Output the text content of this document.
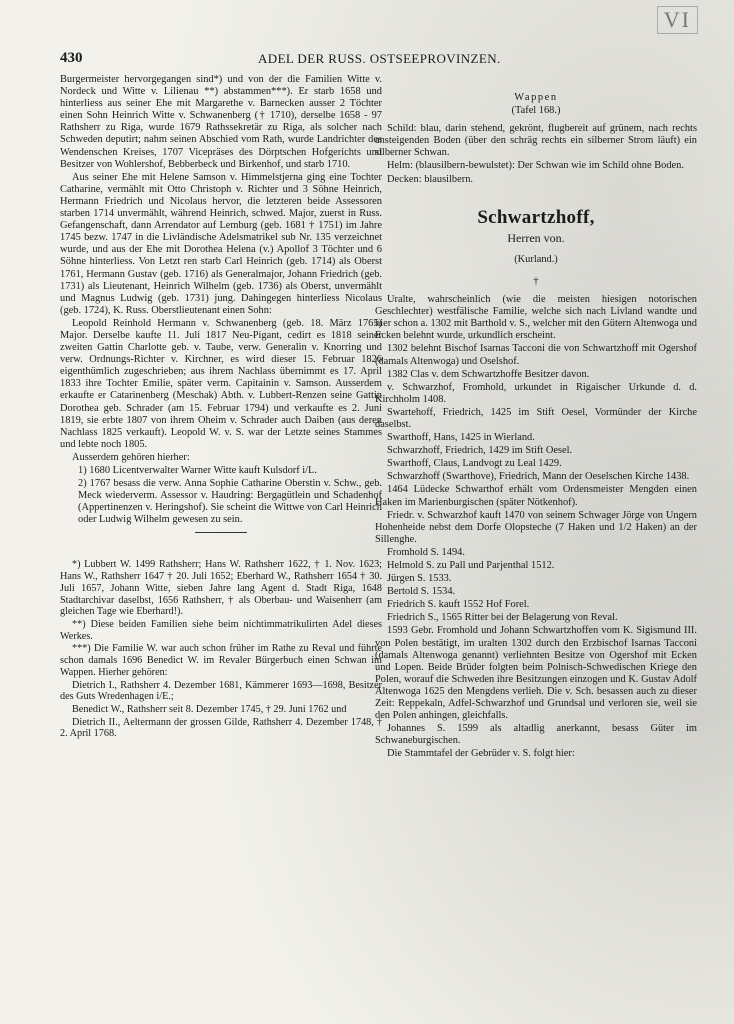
VI
430	ADEL DER RUSS. OSTSEEPROVINZEN.

Burgermeister hervorgegangen sind*) und von der die Familien Witte v. Nordeck und Witte v. Lilienau **) abstammen***). Er starb 1658 und hinterliess aus seiner Ehe mit Margarethe v. Barnecken ausser 2 Töchter einen Sohn Heinrich Witte v. Schwanenberg († 1710), derselbe 1658 - 97 Rathsherr zu Riga, wurde 1679 Rathssekretär zu Riga, als solcher nach Schweden deputirt; nahm seinen Abschied vom Rath, wurde Landrichter des Wendenschen Kreises, 1707 Vicepräses des Dörptschen Hofgerichts und Besitzer von Wohlershof, Bebberbeck und Birkenhof, und starb 1710.

Aus seiner Ehe mit Helene Samson v. Himmelstjerna ging eine Tochter Catharine, vermählt mit Otto Christoph v. Richter und 3 Söhne Heinrich, Hermann Friedrich und Nicolaus hervor, die letzteren beide Assessoren starben 1714 unvermählt, während Heinrich, schwed. Major, zuerst in Russ. Gefangenschaft, dann Arrendator auf Lemburg (geb. 1681 † 1751) im Jahre 1745 bezw. 1747 in die Livländische Adelsmatrikel sub Nr. 135 verzeichnet wurde, und aus der Ehe mit Dorothea Helena (v.) Apollof 3 Töchter und 6 Söhne hinterliess. Von Letzt ren starb Carl Heinrich (geb. 1714) als Oberst 1761, Hermann Gustav (geb. 1716) als Generalmajor, Johann Friedrich (geb. 1731) als Lieutenant, Heinrich Wilhelm (geb. 1736) als Oberst, unvermählt und Magnus Ludwig (geb. 1731) jung. Dahingegen hinterliess Nicolaus (geb. 1724), K. Russ. Oberstlieutenant einen Sohn:

Leopold Reinhold Hermann v. Schwanenberg (geb. 18. März 1765) Major. Derselbe kaufte 11. Juli 1817 Neu-Pigant, cedirt es 1818 seiner zweiten Gattin Charlotte geb. v. Taube, verw. Generalin v. Knorring und verw. Ordnungs-Richter v. Kirchner, es wird dieser 15. Februar 1826 eigenthümlich zugeschrieben; aus ihrem Nachlass übernimmt es 17. April 1833 ihre Tochter Emilie, später verm. Capitainin v. Samson. Ausserdem erkaufte er Catarinenberg (Meschak) Abth. v. Lubbert-Renzen seine Gattin Dorothea geb. Schrader (am 15. Februar 1794) und verkaufte es 2. Juni 1819, sie erbte 1807 von ihrem Oheim v. Schrader auch Daiben (aus deren Nachlass 1825 verkauft). Leopold W. v. S. war der Letzte seines Stammes und lebte noch 1805.

Ausserdem gehören hierher:

1) 1680 Licentverwalter Warner Witte kauft Kulsdorf i/L.

2) 1767 besass die verw. Anna Sophie Catharine Oberstin v. Schw., geb. Meck wiederverm. Assessor v. Haudring: Bergagütlein und Schadenhof (Appertinenzen v. Heringshof). Sie scheint die Wittwe von Carl Heinrich oder Ludwig Wilhelm gewesen zu sein.

*) Lubbert W. 1499 Rathsherr; Hans W. Rathsherr 1622, † 1. Nov. 1623; Hans W., Rathsherr 1647 † 20. Juli 1652; Eberhard W., Rathsherr 1654 † 30. Juli 1657, Johann Witte, sieben Jahre lang Agent d. Stadt Riga, 1648 Stadtarchivar daselbst, 1656 Rathsherr, † als Oberbau- und Waisenherr (am gleichen Tage wie Eberhard!).

**) Diese beiden Familien siehe beim nichtimmatrikulirten Adel dieses Werkes.

***) Die Familie W. war auch schon früher im Rathe zu Reval und führte schon damals 1696 Benedict W. im Revaler Bürgerbuch einen Schwan im Wappen. Hierher gehören:

Dietrich I., Rathsherr 4. Dezember 1681, Kämmerer 1693—1698, Besitzer des Guts Wredenhagen i/E.;

Benedict W., Rathsherr seit 8. Dezember 1745, † 29. Juni 1762 und

Dietrich II., Aeltermann der grossen Gilde, Rathsherr 4. Dezember 1748, † 2. April 1768.

Wappen

(Tafel 168.)

Schild: blau, darin stehend, gekrönt, flugbereit auf grünem, nach rechts ansteigenden Boden (über den schräg rechts ein silberner Strom läuft) ein silberner Schwan.

Helm: (blausilbern-bewulstet): Der Schwan wie im Schild ohne Boden.

Decken: blausilbern.

Schwartzhoff,

Herren von.

(Kurland.)

†

Uralte, wahrscheinlich (wie die meisten hiesigen notorischen Geschlechter) westfälische Familie, welche sich nach Livland wandte und hier schon a. 1302 mit Barthold v. S., welcher mit den Gütern Altenwoga und Ecken belehnt wurde, urkundlich erscheint.

1302 belehnt Bischof Isarnas Tacconi die von Schwartzhoff mit Ogershof (damals Altenwoga) und Oselshof.

1382 Clas v. dem Schwartzhoffe Besitzer davon.

v. Schwarzhof, Fromhold, urkundet in Rigaischer Urkunde d. d. Kirchholm 1408.

Swartehoff, Friedrich, 1425 im Stift Oesel, Vormünder der Kirche daselbst.

Swarthoff, Hans, 1425 in Wierland.

Schwarzhoff, Friedrich, 1429 im Stift Oesel.

Swarthoff, Claus, Landvogt zu Leal 1429.

Schwarzhoff (Swarthove), Friedrich, Mann der Oeselschen Kirche 1438.

1464 Lüdecke Schwarthof erhält vom Ordensmeister Mengden einen Haken im Marienburgischen (später Nötkenhof).

Friedr. v. Schwarzhof kauft 1470 von seinem Schwager Jörge von Ungern Hohenheide nebst dem Dorfe Olopsteche (7 Haken und 1/2 Haken) an der Sillenghe.

Fromhold S. 1494.

Helmold S. zu Pall und Parjenthal 1512.

Jürgen S. 1533.

Bertold S. 1534.

Friedrich S. kauft 1552 Hof Forel.

Friedrich S., 1565 Ritter bei der Belagerung von Reval.

1593 Gebr. Fromhold und Johann Schwartzhoffen vom K. Sigismund III. von Polen bestätigt, im uralten 1302 durch den Erzbischof Isarnas Tacconi (damals Altenwoga genannt) verliehnten Besitze von Ogershof mit Ecken und Lopen. Beide Brüder folgten beim Polnisch-Schwedischen Kriege den Polen, worauf die Schweden ihre Besitzungen einzogen und K. Gustav Adolf Altenwoga 1625 den Mengdens verlieh. Die v. Sch. besassen auch zu dieser Zeit: Reppekaln, Adfel-Schwarzhof und Grundsal und verloren sie, weil sie den Polen anhingen, gleichfalls.

Johannes S. 1599 als altadlig anerkannt, besass Güter im Schwaneburgischen.

Die Stammtafel der Gebrüder v. S. folgt hier:
